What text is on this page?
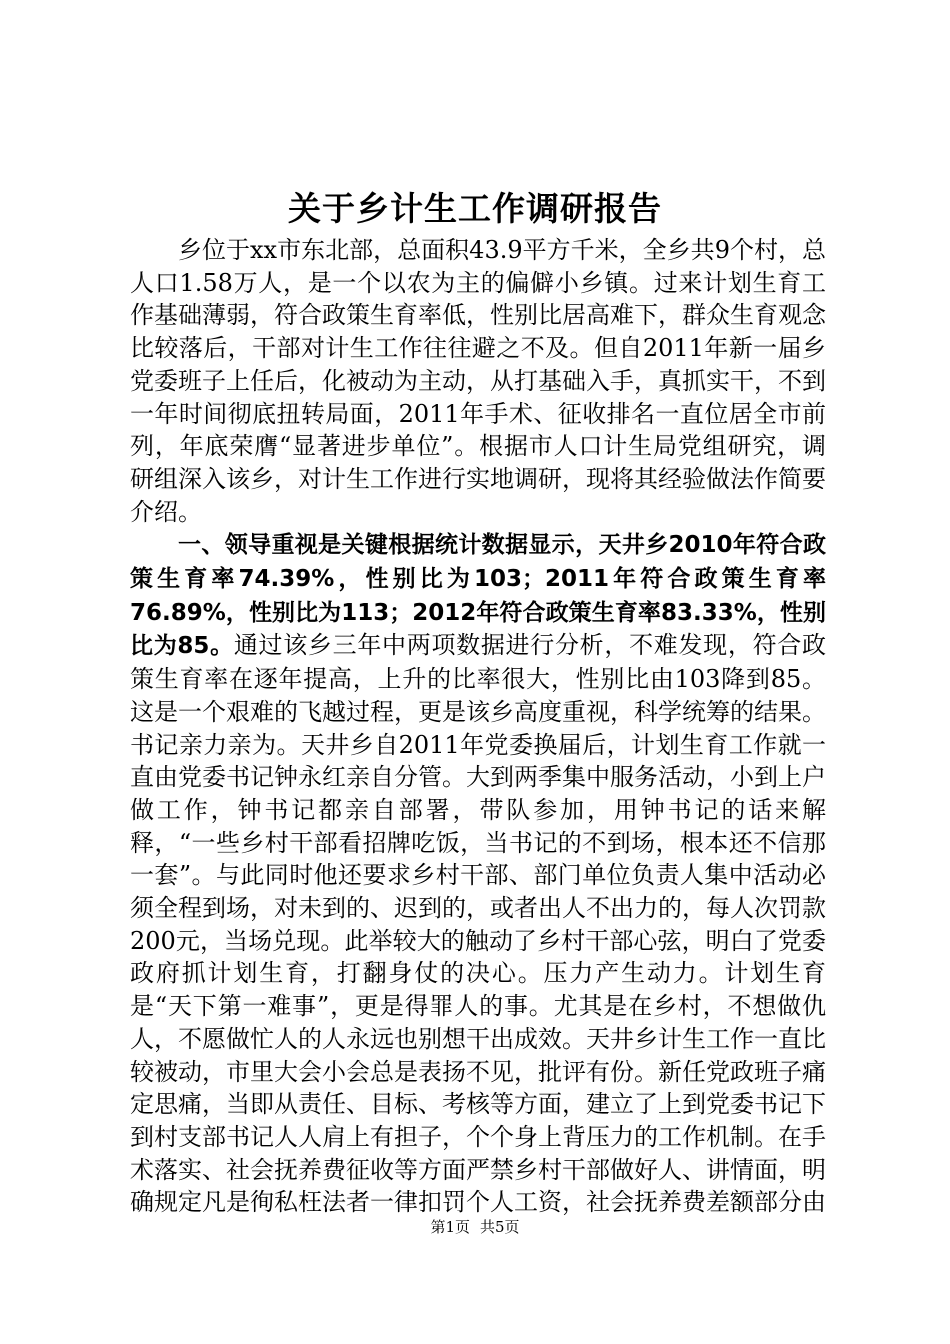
关于乡计生工作调研报告

乡位于xx市东北部，总面积43.9平方千米，全乡共9个村，总人口1.58万人，是一个以农为主的偏僻小乡镇。过来计划生育工作基础薄弱，符合政策生育率低，性别比居高难下，群众生育观念比较落后，干部对计生工作往往避之不及。但自2011年新一届乡党委班子上任后，化被动为主动，从打基础入手，真抓实干，不到一年时间彻底扭转局面，2011年手术、征收排名一直位居全市前列，年底荣膺“显著进步单位”。根据市人口计生局党组研究，调研组深入该乡，对计生工作进行实地调研，现将其经验做法作简要介绍。

一、领导重视是关键根据统计数据显示，天井乡2010年符合政策生育率74.39%，性别比为103；2011年符合政策生育率76.89%，性别比为113；2012年符合政策生育率83.33%，性别比为85。通过该乡三年中两项数据进行分析，不难发现，符合政策生育率在逐年提高，上升的比率很大，性别比由103降到85。这是一个艰难的飞越过程，更是该乡高度重视，科学统筹的结果。书记亲力亲为。天井乡自2011年党委换届后，计划生育工作就一直由党委书记钟永红亲自分管。大到两季集中服务活动，小到上户做工作，钟书记都亲自部署，带队参加，用钟书记的话来解释，“一些乡村干部看招牌吃饭，当书记的不到场，根本还不信那一套”。与此同时他还要求乡村干部、部门单位负责人集中活动必须全程到场，对未到的、迟到的，或者出人不出力的，每人次罚款200元，当场兑现。此举较大的触动了乡村干部心弦，明白了党委政府抓计划生育，打翻身仗的决心。压力产生动力。计划生育是“天下第一难事”，更是得罪人的事。尤其是在乡村，不想做仇人，不愿做忙人的人永远也别想干出成效。天井乡计生工作一直比较被动，市里大会小会总是表扬不见，批评有份。新任党政班子痛定思痛，当即从责任、目标、考核等方面，建立了上到党委书记下到村支部书记人人肩上有担子，个个身上背压力的工作机制。在手术落实、社会抚养费征收等方面严禁乡村干部做好人、讲情面，明确规定凡是徇私枉法者一律扣罚个人工资，社会抚养费差额部分由

第1页 共5页
